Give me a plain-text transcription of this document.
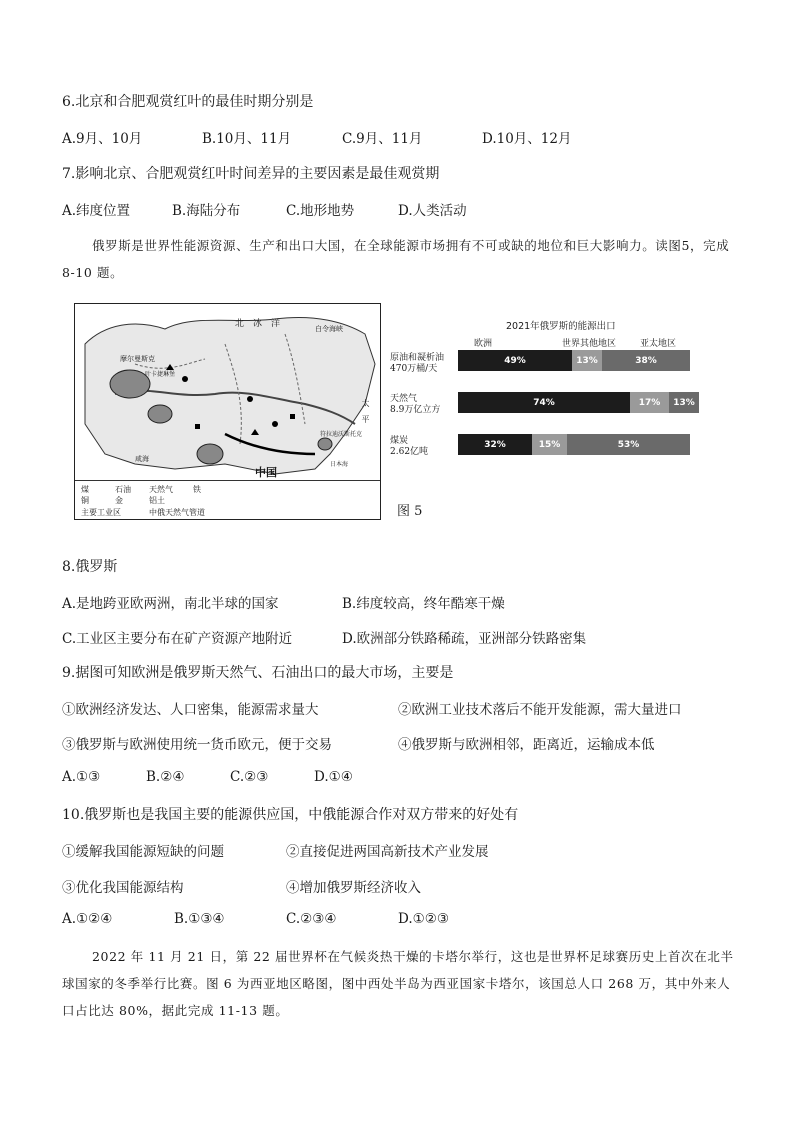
6.北京和合肥观赏红叶的最佳时期分别是
A.9月、10月	B.10月、11月	C.9月、11月	D.10月、12月
7.影响北京、合肥观赏红叶时间差异的主要因素是最佳观赏期
A.纬度位置	B.海陆分布	C.地形地势	D.人类活动
俄罗斯是世界性能源资源、生产和出口大国，在全球能源市场拥有不可或缺的地位和巨大影响力。读图5，完成 8-10 题。
北　冰　洋	白令海峡
摩尔曼斯克
叶卡捷琳堡
符拉迪沃斯托克
日本海
中国
太　平
咸海
煤	石油 天然气	铁
铜	金	铝土
主要工业区	中俄天然气管道
2021年俄罗斯的能源出口
欧洲	世界其他地区	亚太地区
原油和凝析油
470万桶/天
天然气
8.9万亿立方
煤炭
2.62亿吨
49%	13%	38%
74%	17% 13%
32%	15%	53%
图 5
8.俄罗斯
A.是地跨亚欧两洲，南北半球的国家	B.纬度较高，终年酷寒干燥
C.工业区主要分布在矿产资源产地附近	D.欧洲部分铁路稀疏，亚洲部分铁路密集
9.据图可知欧洲是俄罗斯天然气、石油出口的最大市场，主要是
①欧洲经济发达、人口密集，能源需求量大	②欧洲工业技术落后不能开发能源，需大量进口
③俄罗斯与欧洲使用统一货币欧元，便于交易	④俄罗斯与欧洲相邻，距离近，运输成本低
A.①③	B.②④	C.②③	D.①④
10.俄罗斯也是我国主要的能源供应国，中俄能源合作对双方带来的好处有
①缓解我国能源短缺的问题	②直接促进两国高新技术产业发展
③优化我国能源结构	④增加俄罗斯经济收入
A.①②④	B.①③④	C.②③④	D.①②③
2022 年 11 月 21 日，第 22 届世界杯在气候炎热干燥的卡塔尔举行，这也是世界杯足球赛历史上首次在北半球国家的冬季举行比赛。图 6 为西亚地区略图，图中西处半岛为西亚国家卡塔尔，该国总人口 268 万，其中外来人口占比达 80%，据此完成 11-13 题。
